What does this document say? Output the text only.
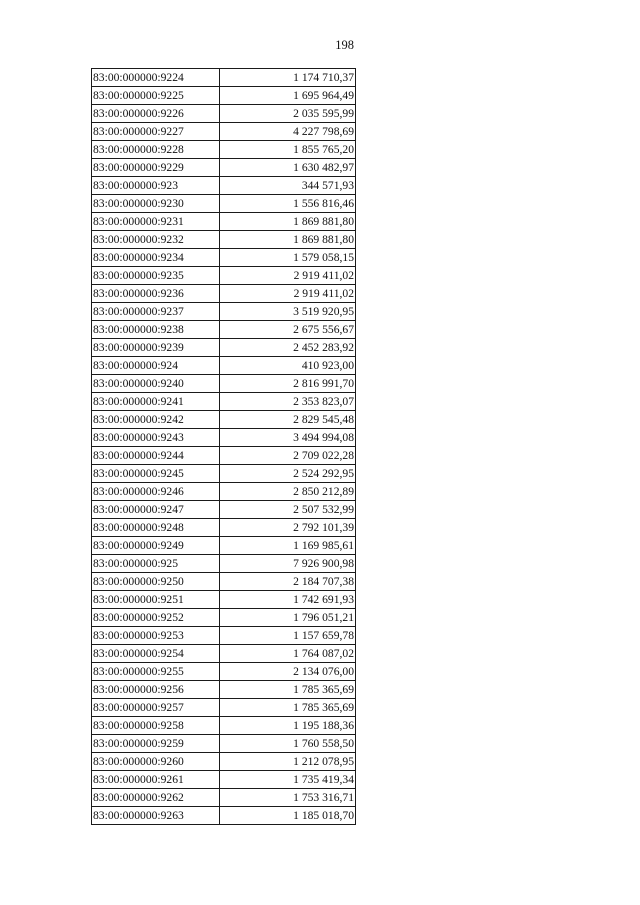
198
83:00:000000:9224	1 174 710,37
83:00:000000:9225	1 695 964,49
83:00:000000:9226	2 035 595,99
83:00:000000:9227	4 227 798,69
83:00:000000:9228	1 855 765,20
83:00:000000:9229	1 630 482,97
83:00:000000:923	344 571,93
83:00:000000:9230	1 556 816,46
83:00:000000:9231	1 869 881,80
83:00:000000:9232	1 869 881,80
83:00:000000:9234	1 579 058,15
83:00:000000:9235	2 919 411,02
83:00:000000:9236	2 919 411,02
83:00:000000:9237	3 519 920,95
83:00:000000:9238	2 675 556,67
83:00:000000:9239	2 452 283,92
83:00:000000:924	410 923,00
83:00:000000:9240	2 816 991,70
83:00:000000:9241	2 353 823,07
83:00:000000:9242	2 829 545,48
83:00:000000:9243	3 494 994,08
83:00:000000:9244	2 709 022,28
83:00:000000:9245	2 524 292,95
83:00:000000:9246	2 850 212,89
83:00:000000:9247	2 507 532,99
83:00:000000:9248	2 792 101,39
83:00:000000:9249	1 169 985,61
83:00:000000:925	7 926 900,98
83:00:000000:9250	2 184 707,38
83:00:000000:9251	1 742 691,93
83:00:000000:9252	1 796 051,21
83:00:000000:9253	1 157 659,78
83:00:000000:9254	1 764 087,02
83:00:000000:9255	2 134 076,00
83:00:000000:9256	1 785 365,69
83:00:000000:9257	1 785 365,69
83:00:000000:9258	1 195 188,36
83:00:000000:9259	1 760 558,50
83:00:000000:9260	1 212 078,95
83:00:000000:9261	1 735 419,34
83:00:000000:9262	1 753 316,71
83:00:000000:9263	1 185 018,70
